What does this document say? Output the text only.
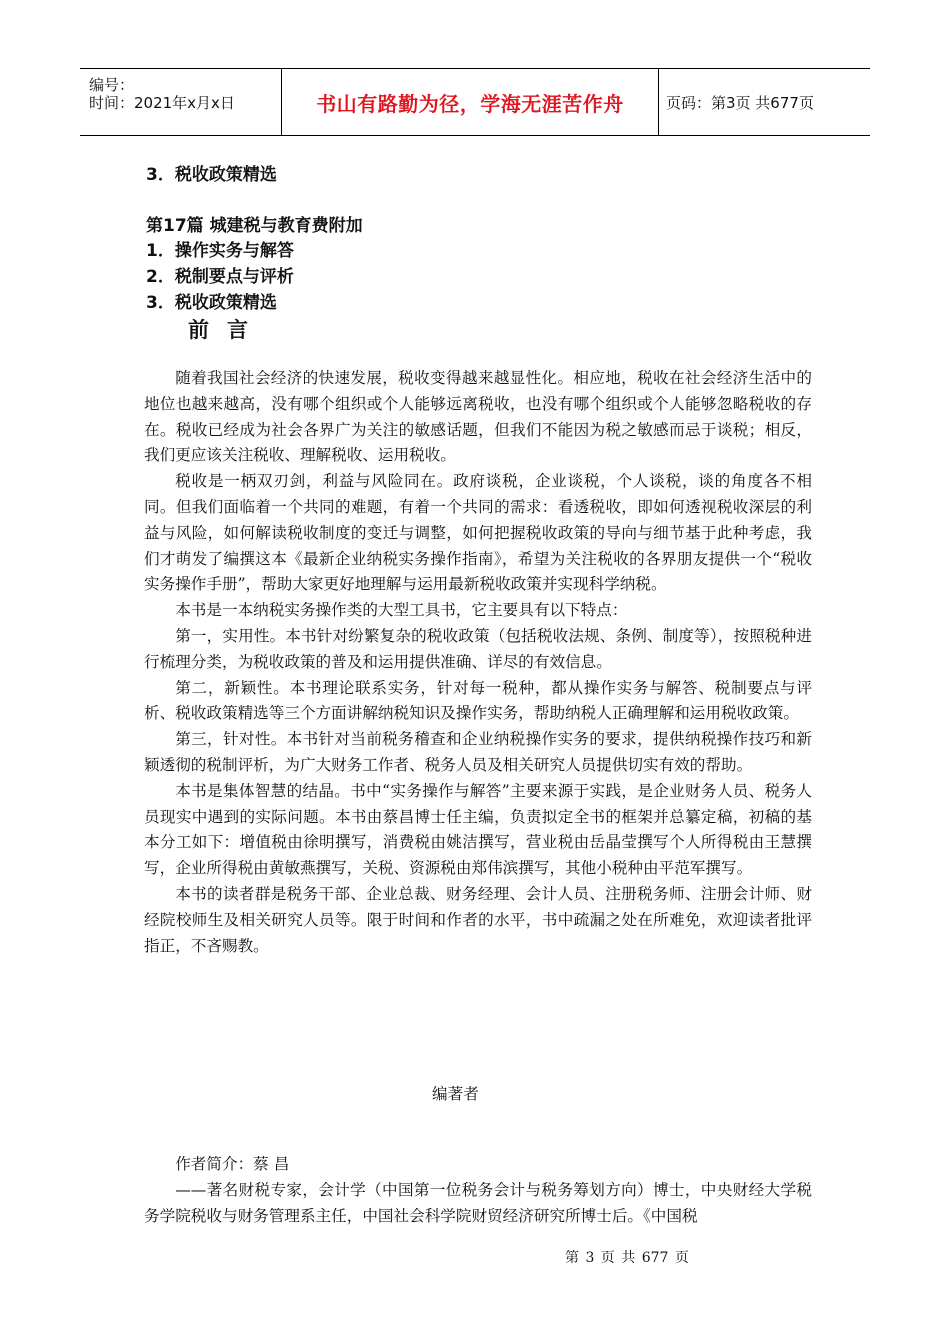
编号：
时间：2021年x月x日	书山有路勤为径，学海无涯苦作舟	页码：第3页 共677页
3．税收政策精选
第17篇 城建税与教育费附加
1．操作实务与解答
2．税制要点与评析
3．税收政策精选
前言

随着我国社会经济的快速发展，税收变得越来越显性化。相应地，税收在社会经济生活中的地位也越来越高，没有哪个组织或个人能够远离税收，也没有哪个组织或个人能够忽略税收的存在。税收已经成为社会各界广为关注的敏感话题，但我们不能因为税之敏感而忌于谈税；相反，我们更应该关注税收、理解税收、运用税收。

税收是一柄双刃剑，利益与风险同在。政府谈税，企业谈税，个人谈税，谈的角度各不相同。但我们面临着一个共同的难题，有着一个共同的需求：看透税收，即如何透视税收深层的利益与风险，如何解读税收制度的变迁与调整，如何把握税收政策的导向与细节基于此种考虑，我们才萌发了编撰这本《最新企业纳税实务操作指南》，希望为关注税收的各界朋友提供一个“税收实务操作手册”，帮助大家更好地理解与运用最新税收政策并实现科学纳税。

本书是一本纳税实务操作类的大型工具书，它主要具有以下特点：

第一，实用性。本书针对纷繁复杂的税收政策（包括税收法规、条例、制度等），按照税种进行梳理分类，为税收政策的普及和运用提供准确、详尽的有效信息。

第二，新颖性。本书理论联系实务，针对每一税种，都从操作实务与解答、税制要点与评析、税收政策精选等三个方面讲解纳税知识及操作实务，帮助纳税人正确理解和运用税收政策。

第三，针对性。本书针对当前税务稽查和企业纳税操作实务的要求，提供纳税操作技巧和新颖透彻的税制评析，为广大财务工作者、税务人员及相关研究人员提供切实有效的帮助。

本书是集体智慧的结晶。书中“实务操作与解答”主要来源于实践，是企业财务人员、税务人员现实中遇到的实际问题。本书由蔡昌博士任主编，负责拟定全书的框架并总纂定稿，初稿的基本分工如下：增值税由徐明撰写，消费税由姚洁撰写，营业税由岳晶莹撰写个人所得税由王慧撰写，企业所得税由黄敏燕撰写，关税、资源税由郑伟滨撰写，其他小税种由平范军撰写。

本书的读者群是税务干部、企业总裁、财务经理、会计人员、注册税务师、注册会计师、财经院校师生及相关研究人员等。限于时间和作者的水平，书中疏漏之处在所难免，欢迎读者批评指正，不吝赐教。

编著者

作者简介：蔡 昌

——著名财税专家，会计学（中国第一位税务会计与税务筹划方向）博士，中央财经大学税务学院税收与财务管理系主任，中国社会科学院财贸经济研究所博士后。《中国税

第 3 页 共 677 页
